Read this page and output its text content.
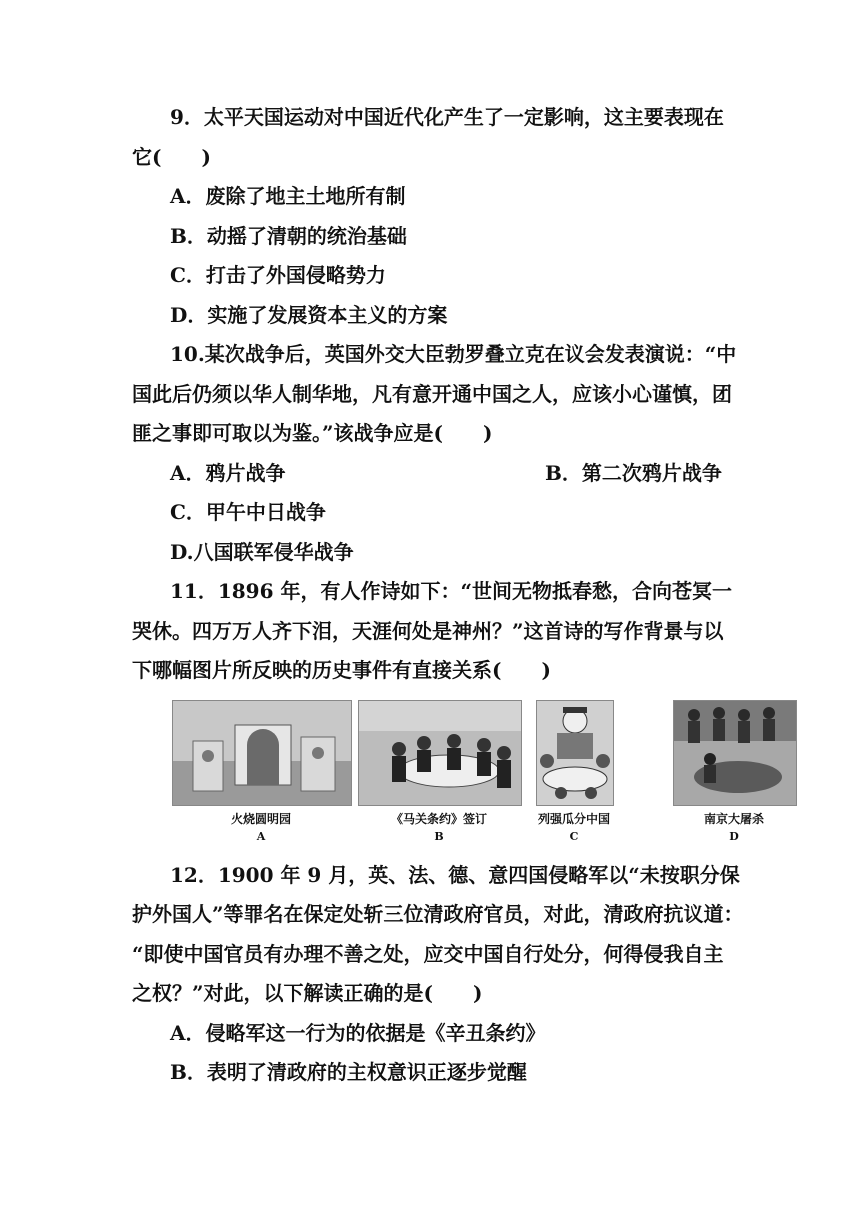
9．太平天国运动对中国近代化产生了一定影响，这主要表现在
它(　　)
A．废除了地主土地所有制
B．动摇了清朝的统治基础
C．打击了外国侵略势力
D．实施了发展资本主义的方案
10.某次战争后，英国外交大臣勃罗叠立克在议会发表演说：“中
国此后仍须以华人制华地，凡有意开通中国之人，应该小心谨慎，团
匪之事即可取以为鉴。”该战争应是(　　)
A．鸦片战争	B．第二次鸦片战争
C．甲午中日战争
D.八国联军侵华战争
11．1896 年，有人作诗如下：“世间无物抵春愁，合向苍冥一
哭休。四万万人齐下泪，天涯何处是神州？”这首诗的写作背景与以
下哪幅图片所反映的历史事件有直接关系(　　)
火烧圆明园
A
《马关条约》签订
B
列强瓜分中国
C
南京大屠杀
D
12．1900 年 9 月，英、法、德、意四国侵略军以“未按职分保
护外国人”等罪名在保定处斩三位清政府官员，对此，清政府抗议道：
“即使中国官员有办理不善之处，应交中国自行处分，何得侵我自主
之权？”对此，以下解读正确的是(　　)
A．侵略军这一行为的依据是《辛丑条约》
B．表明了清政府的主权意识正逐步觉醒
